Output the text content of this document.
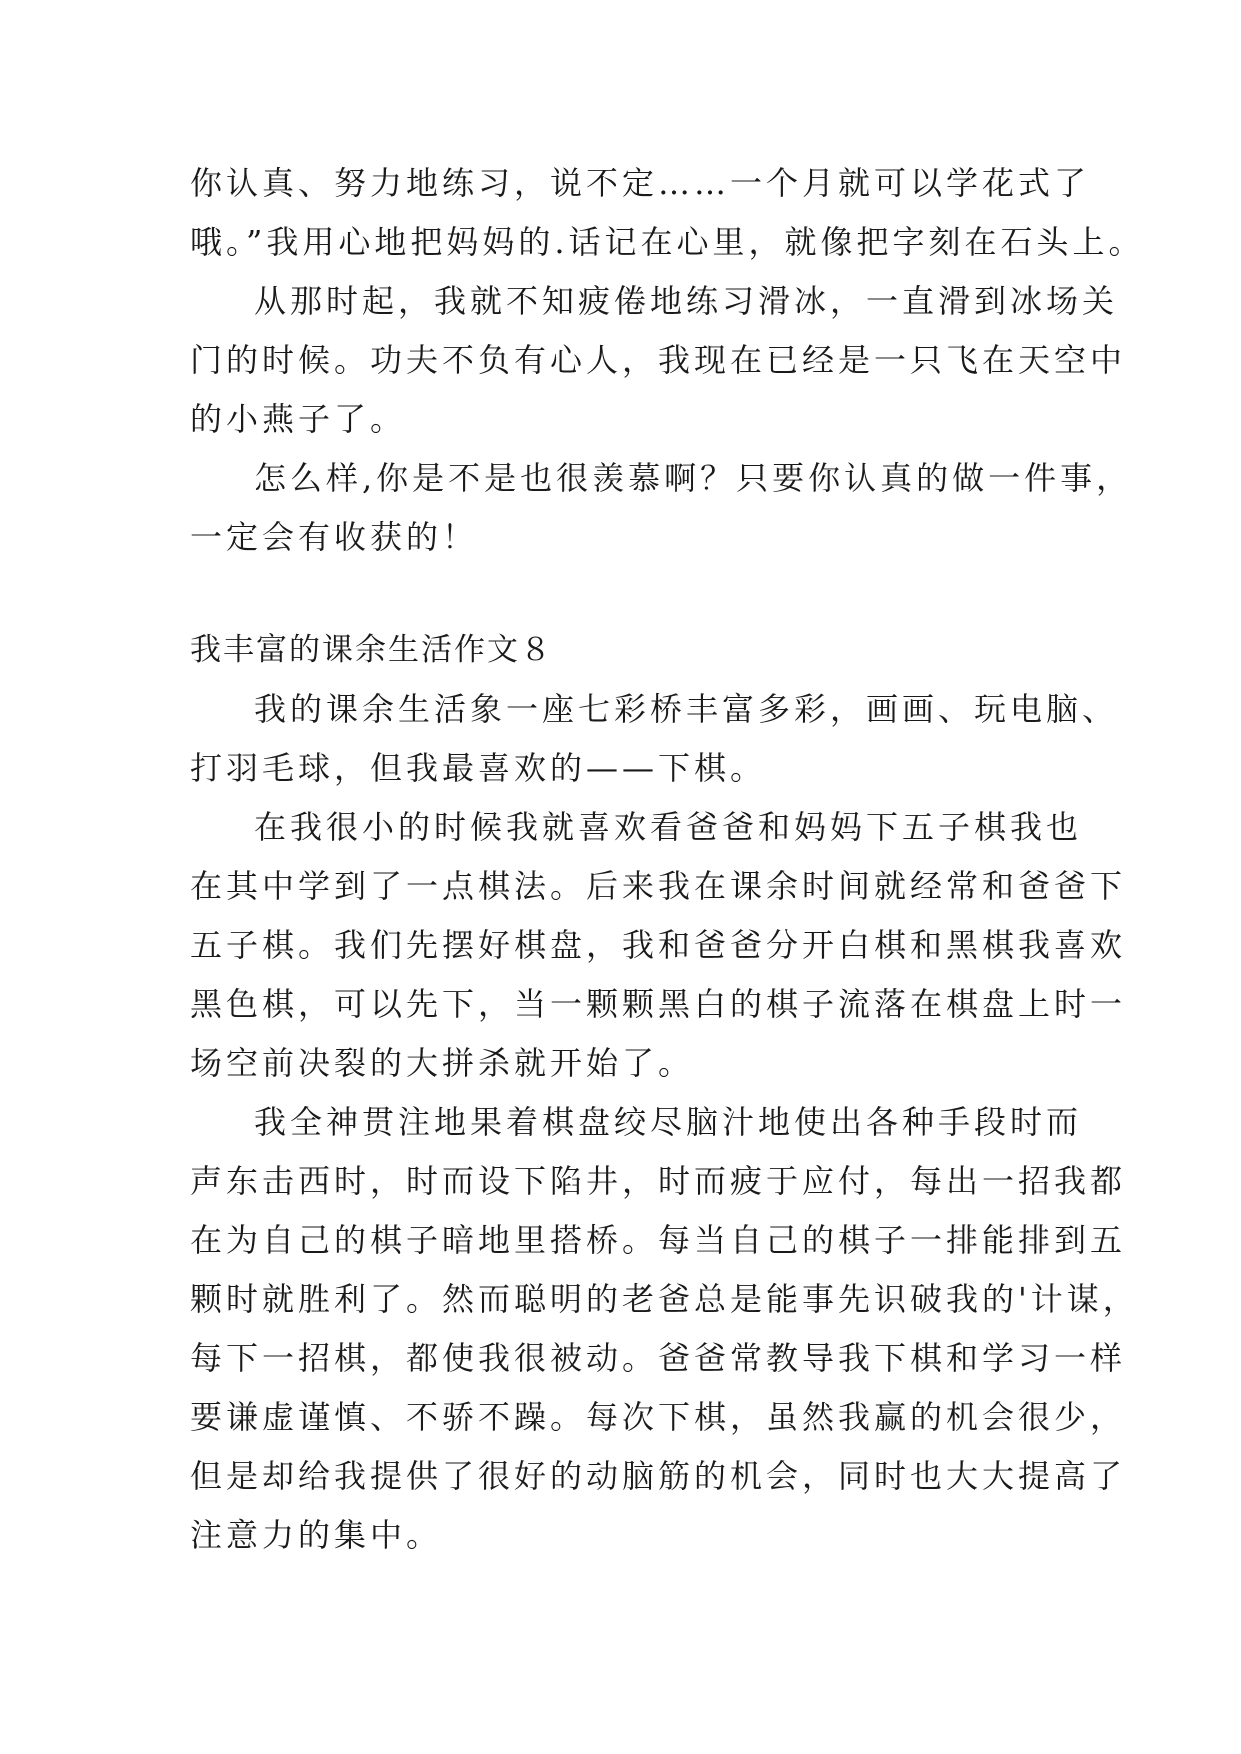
你认真、努力地练习，说不定……一个月就可以学花式了
哦。”我用心地把妈妈的.话记在心里，就像把字刻在石头上。
从那时起，我就不知疲倦地练习滑冰，一直滑到冰场关
门的时候。功夫不负有心人，我现在已经是一只飞在天空中
的小燕子了。
怎么样,你是不是也很羡慕啊？只要你认真的做一件事，
一定会有收获的！
我丰富的课余生活作文８
我的课余生活象一座七彩桥丰富多彩，画画、玩电脑、
打羽毛球，但我最喜欢的——下棋。
在我很小的时候我就喜欢看爸爸和妈妈下五子棋我也
在其中学到了一点棋法。后来我在课余时间就经常和爸爸下
五子棋。我们先摆好棋盘，我和爸爸分开白棋和黑棋我喜欢
黑色棋，可以先下，当一颗颗黑白的棋子流落在棋盘上时一
场空前决裂的大拼杀就开始了。
我全神贯注地果着棋盘绞尽脑汁地使出各种手段时而
声东击西时，时而设下陷井，时而疲于应付，每出一招我都
在为自己的棋子暗地里搭桥。每当自己的棋子一排能排到五
颗时就胜利了。然而聪明的老爸总是能事先识破我的'计谋，
每下一招棋，都使我很被动。爸爸常教导我下棋和学习一样
要谦虚谨慎、不骄不躁。每次下棋，虽然我赢的机会很少，
但是却给我提供了很好的动脑筋的机会，同时也大大提高了
注意力的集中。
